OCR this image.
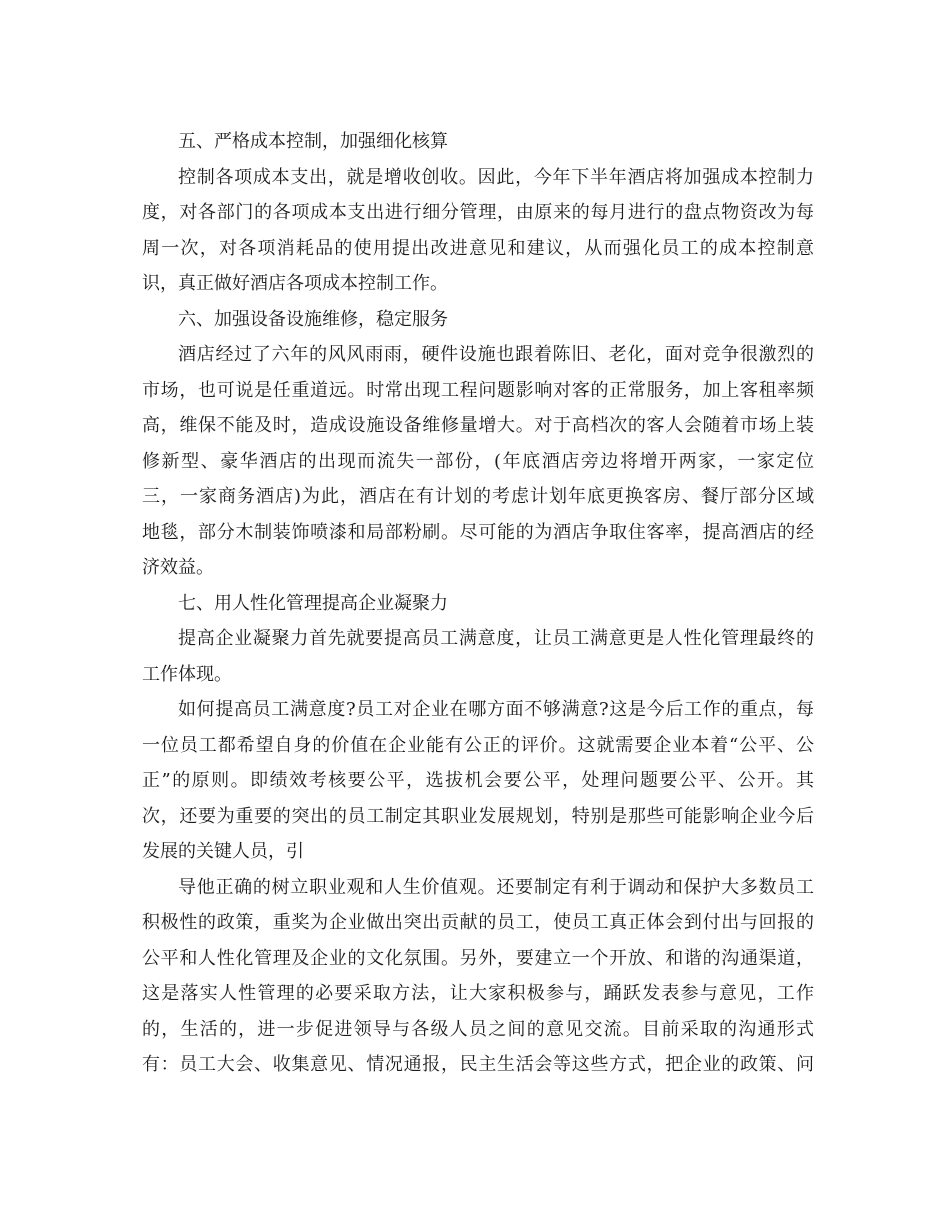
五、严格成本控制，加强细化核算
控制各项成本支出，就是增收创收。因此，今年下半年酒店将加强成本控制力
度，对各部门的各项成本支出进行细分管理，由原来的每月进行的盘点物资改为每
周一次，对各项消耗品的使用提出改进意见和建议，从而强化员工的成本控制意
识，真正做好酒店各项成本控制工作。
六、加强设备设施维修，稳定服务
酒店经过了六年的风风雨雨，硬件设施也跟着陈旧、老化，面对竞争很激烈的
市场，也可说是任重道远。时常出现工程问题影响对客的正常服务，加上客租率频
高，维保不能及时，造成设施设备维修量增大。对于高档次的客人会随着市场上装
修新型、豪华酒店的出现而流失一部份，(年底酒店旁边将增开两家，一家定位
三，一家商务酒店)为此，酒店在有计划的考虑计划年底更换客房、餐厅部分区域
地毯，部分木制装饰喷漆和局部粉刷。尽可能的为酒店争取住客率，提高酒店的经
济效益。
七、用人性化管理提高企业凝聚力
提高企业凝聚力首先就要提高员工满意度，让员工满意更是人性化管理最终的
工作体现。
如何提高员工满意度?员工对企业在哪方面不够满意?这是今后工作的重点，每
一位员工都希望自身的价值在企业能有公正的评价。这就需要企业本着“公平、公
正”的原则。即绩效考核要公平，选拔机会要公平，处理问题要公平、公开。其
次，还要为重要的突出的员工制定其职业发展规划，特别是那些可能影响企业今后
发展的关键人员，引
导他正确的树立职业观和人生价值观。还要制定有利于调动和保护大多数员工
积极性的政策，重奖为企业做出突出贡献的员工，使员工真正体会到付出与回报的
公平和人性化管理及企业的文化氛围。另外，要建立一个开放、和谐的沟通渠道，
这是落实人性管理的必要采取方法，让大家积极参与，踊跃发表参与意见，工作
的，生活的，进一步促进领导与各级人员之间的意见交流。目前采取的沟通形式
有：员工大会、收集意见、情况通报，民主生活会等这些方式，把企业的政策、问
